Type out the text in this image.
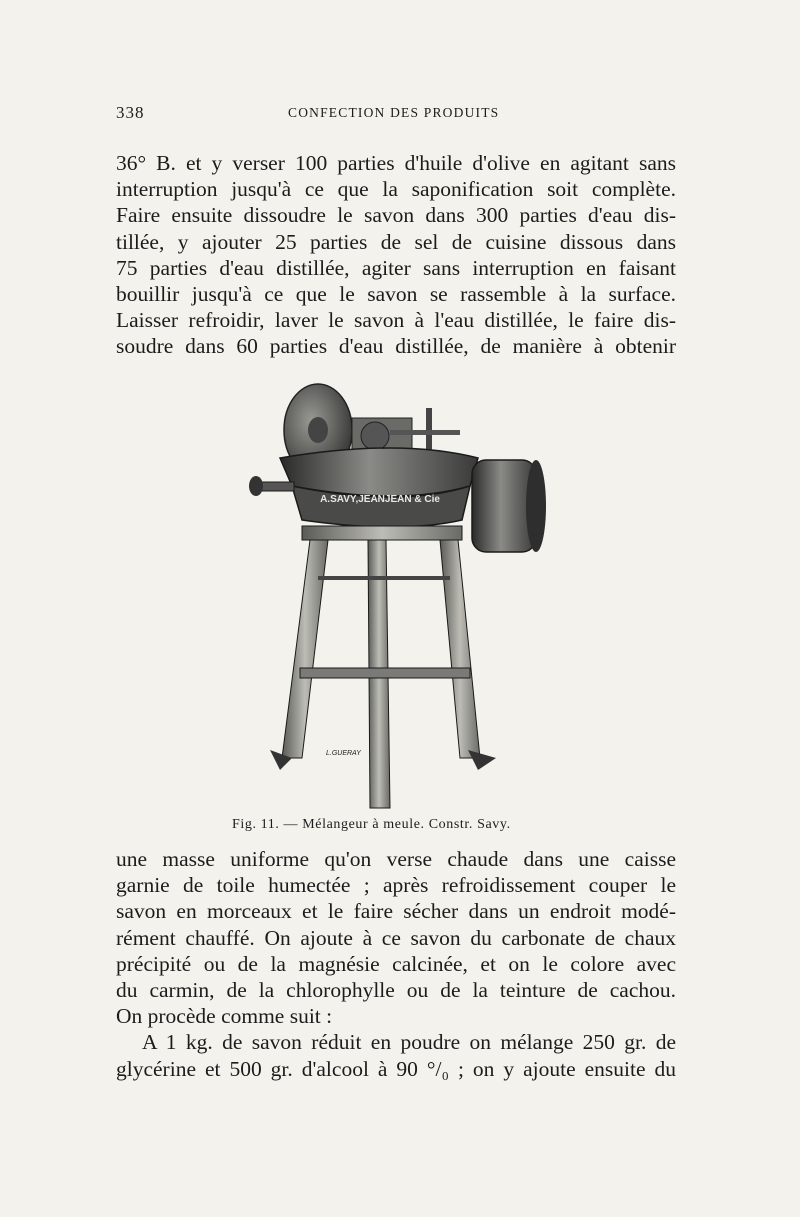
338	CONFECTION DES PRODUITS
36° B. et y verser 100 parties d'huile d'olive en agitant sans
interruption jusqu'à ce que la saponification soit complète.
Faire ensuite dissoudre le savon dans 300 parties d'eau dis-
tillée, y ajouter 25 parties de sel de cuisine dissous dans
75 parties d'eau distillée, agiter sans interruption en faisant
bouillir jusqu'à ce que le savon se rassemble à la surface.
Laisser refroidir, laver le savon à l'eau distillée, le faire dis-
soudre dans 60 parties d'eau distillée, de manière à obtenir
A.SAVY,JEANJEAN & Cie
L.GUERAY
Fig. 11. — Mélangeur à meule. Constr. Savy.
une masse uniforme qu'on verse chaude dans une caisse
garnie de toile humectée ; après refroidissement couper le
savon en morceaux et le faire sécher dans un endroit modé-
rément chauffé. On ajoute à ce savon du carbonate de chaux
précipité ou de la magnésie calcinée, et on le colore avec
du carmin, de la chlorophylle ou de la teinture de cachou.
On procède comme suit :
A 1 kg. de savon réduit en poudre on mélange 250 gr. de
glycérine et 500 gr. d'alcool à 90 °/₀ ; on y ajoute ensuite du
